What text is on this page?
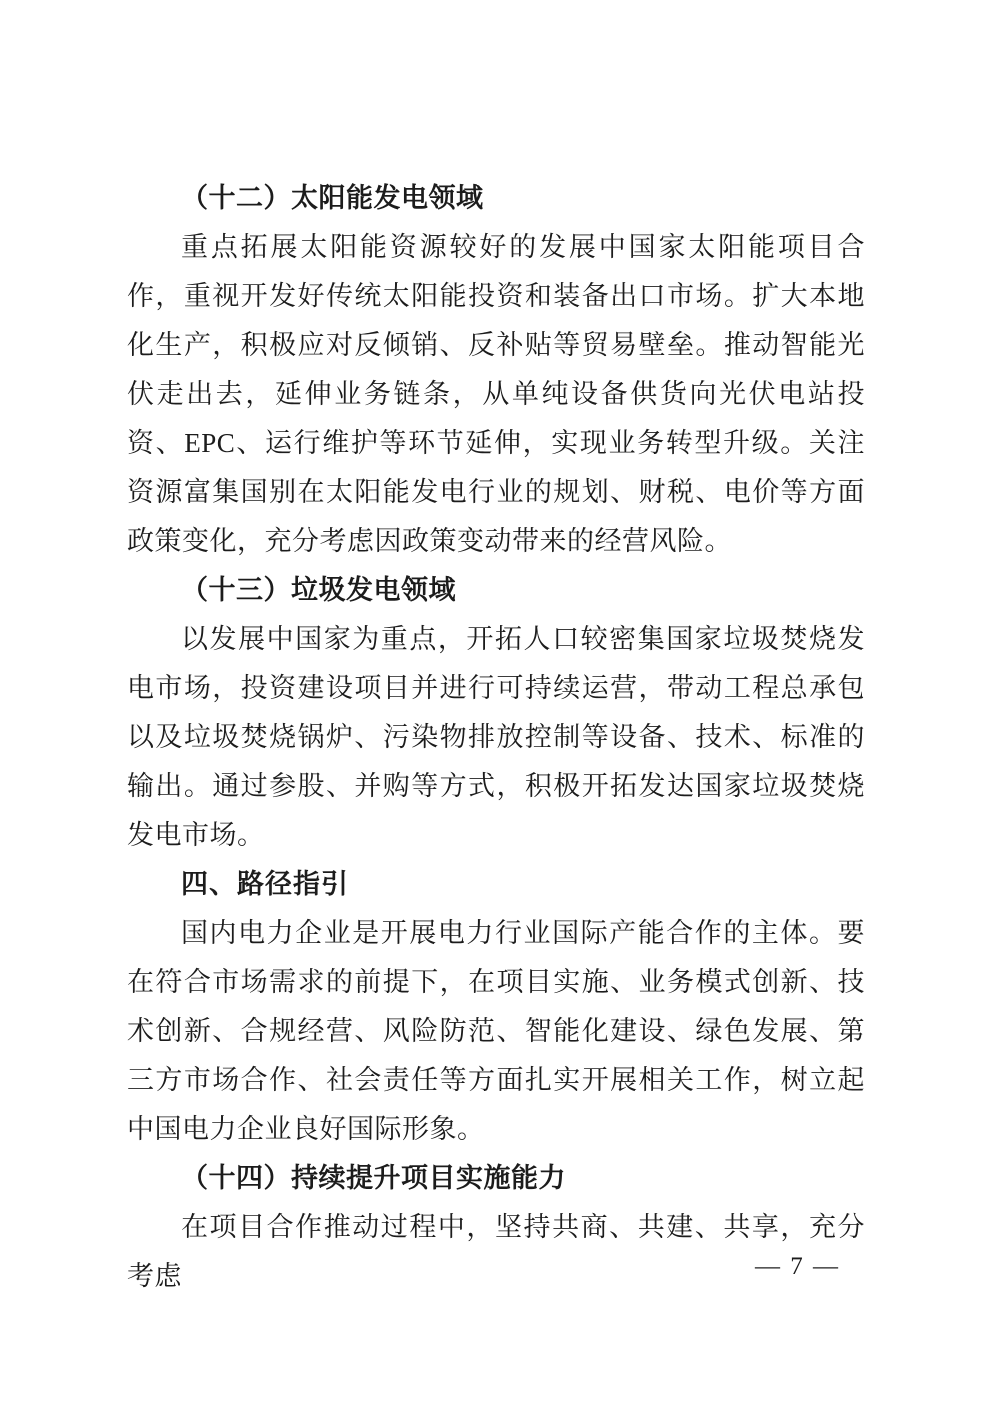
（十二）太阳能发电领域

重点拓展太阳能资源较好的发展中国家太阳能项目合作，重视开发好传统太阳能投资和装备出口市场。扩大本地化生产，积极应对反倾销、反补贴等贸易壁垒。推动智能光伏走出去，延伸业务链条，从单纯设备供货向光伏电站投资、EPC、运行维护等环节延伸，实现业务转型升级。关注资源富集国别在太阳能发电行业的规划、财税、电价等方面政策变化，充分考虑因政策变动带来的经营风险。

（十三）垃圾发电领域

以发展中国家为重点，开拓人口较密集国家垃圾焚烧发电市场，投资建设项目并进行可持续运营，带动工程总承包以及垃圾焚烧锅炉、污染物排放控制等设备、技术、标准的输出。通过参股、并购等方式，积极开拓发达国家垃圾焚烧发电市场。

四、路径指引

国内电力企业是开展电力行业国际产能合作的主体。要在符合市场需求的前提下，在项目实施、业务模式创新、技术创新、合规经营、风险防范、智能化建设、绿色发展、第三方市场合作、社会责任等方面扎实开展相关工作，树立起中国电力企业良好国际形象。

（十四）持续提升项目实施能力

在项目合作推动过程中，坚持共商、共建、共享，充分考虑	— 7 —
